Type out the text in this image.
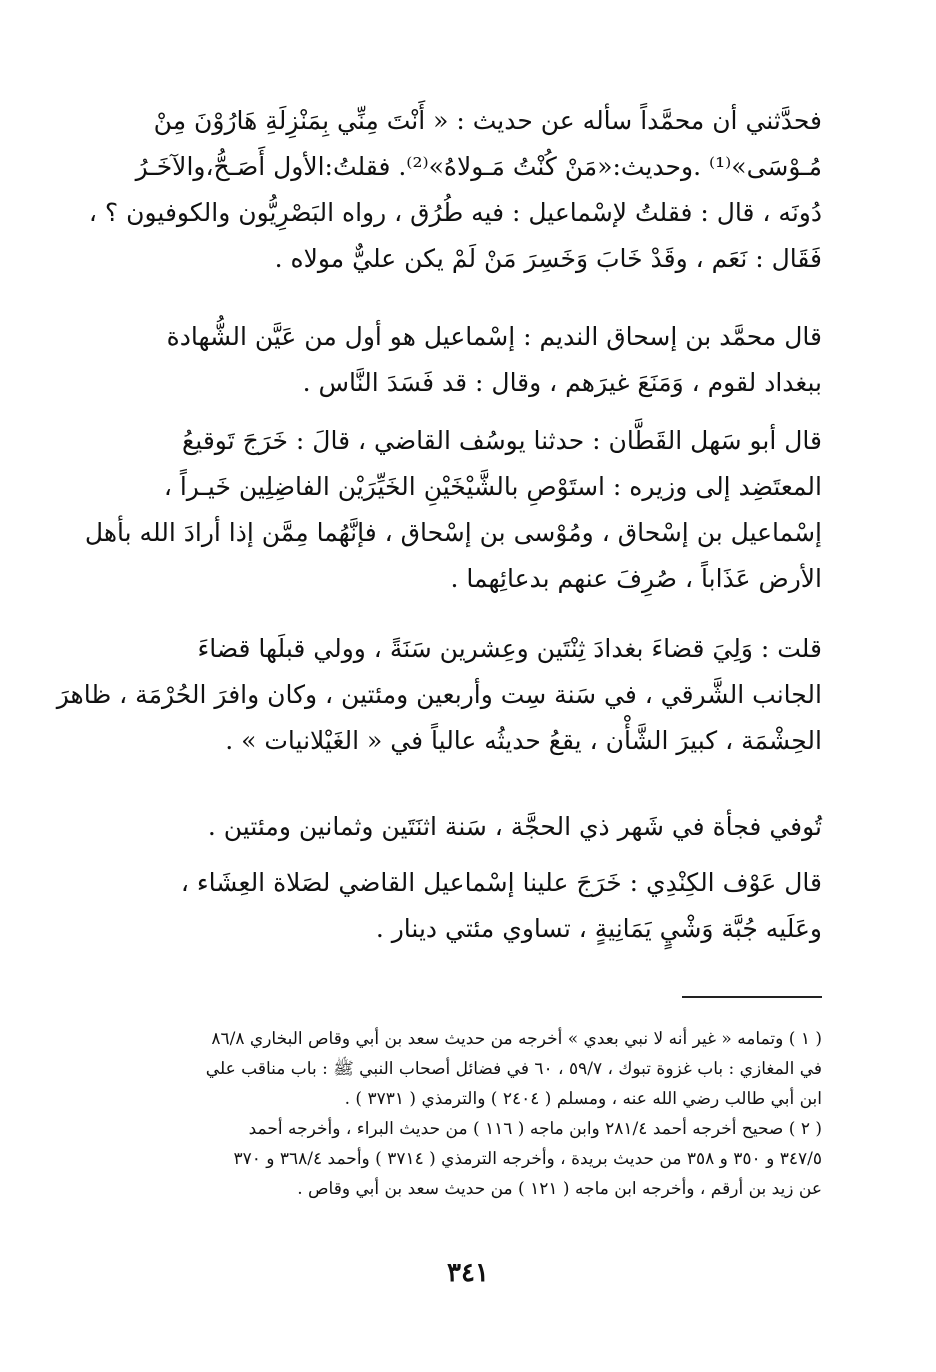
فحدَّثني أن محمَّداً سأله عن حديث : « أَنْتَ مِنِّي بِمَنْزِلَةِ هَارُوْنَ مِنْ
مُـوْسَى»⁽¹⁾ .وحديث:«مَنْ كُنْتُ مَـولاهُ»⁽²⁾. فقلتُ:الأول أَصَـحُّ،والآخَـرُ
دُونَه ، قال : فقلتُ لإسْماعيل : فيه طُرُق ، رواه البَصْرِيُّون والكوفيون ؟ ،
فَقَال : نَعَم ، وقَدْ خَابَ وَخَسِرَ مَنْ لَمْ يكن عليٌّ مولاه .
قال محمَّد بن إسحاق النديم : إسْماعيل هو أول من عَيَّن الشُّهادة
ببغداد لقوم ، وَمَنَعَ غيرَهم ، وقال : قد فَسَدَ النَّاس .
قال أبو سَهل القَطَّان : حدثنا يوسُف القاضي ، قالَ : خَرَجَ تَوقيعُ
المعتَضِد إلى وزيره : استَوْصِ بالشَّيْخَيْنِ الخَيِّرَيْن الفاضِلِين خَيـراً ،
إسْماعيل بن إسْحاق ، ومُوْسى بن إسْحاق ، فإنَّهُما مِمَّن إذا أرادَ الله بأهل
الأرض عَذَاباً ، صُرِفَ عنهم بدعائِهما .
قلت : وَلِيَ قضاءَ بغدادَ ثِنْتَين وعِشرين سَنَةً ، وولي قبلَها قضاءَ
الجانب الشَّرقي ، في سَنة سِت وأربعين ومئتين ، وكان وافرَ الحُرْمَة ، ظاهرَ
الحِشْمَة ، كبيرَ الشَّأْن ، يقعُ حديثُه عالياً في « الغَيْلانيات » .
تُوفي فجأة في شَهر ذي الحجَّة ، سَنة اثنَتَين وثمانين ومئتين .
قال عَوْف الكِنْدِي : خَرَجَ علينا إسْماعيل القاضي لصَلاة العِشَاء ،
وعَلَيه جُبَّة وَشْيٍ يَمَانِيةٍ ، تساوي مئتي دينار .
( ١ ) وتمامه « غير أنه لا نبي بعدي » أخرجه من حديث سعد بن أبي وقاص البخاري ٨٦/٨
في المغازي : باب غزوة تبوك ، ٥٩/٧ ، ٦٠ في فضائل أصحاب النبي ﷺ : باب مناقب علي
ابن أبي طالب رضي الله عنه ، ومسلم ( ٢٤٠٤ ) والترمذي ( ٣٧٣١ ) .
( ٢ ) صحيح أخرجه أحمد ٢٨١/٤ وابن ماجه ( ١١٦ ) من حديث البراء ، وأخرجه أحمد
٣٤٧/٥ و ٣٥٠ و ٣٥٨ من حديث بريدة ، وأخرجه الترمذي ( ٣٧١٤ ) وأحمد ٣٦٨/٤ و ٣٧٠
عن زيد بن أرقم ، وأخرجه ابن ماجه ( ١٢١ ) من حديث سعد بن أبي وقاص .
٣٤١
